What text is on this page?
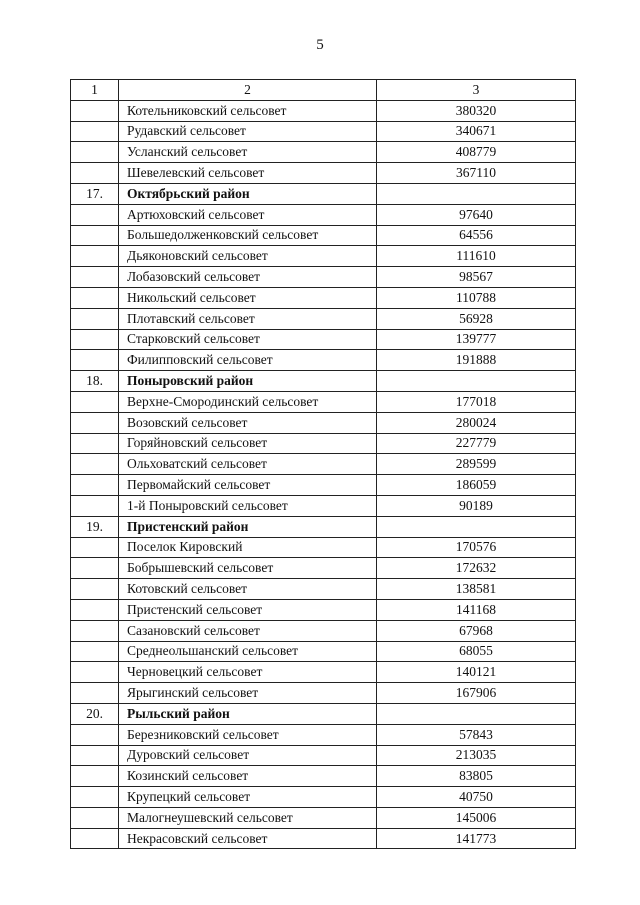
5
1	2	3
	Котельниковский сельсовет	380320
	Рудавский сельсовет	340671
	Усланский сельсовет	408779
	Шевелевский сельсовет	367110
17.	Октябрьский район	
	Артюховский сельсовет	97640
	Большедолженковский сельсовет	64556
	Дьяконовский сельсовет	111610
	Лобазовский сельсовет	98567
	Никольский сельсовет	110788
	Плотавский сельсовет	56928
	Старковский сельсовет	139777
	Филипповский сельсовет	191888
18.	Поныровский район	
	Верхне-Смородинский сельсовет	177018
	Возовский сельсовет	280024
	Горяйновский сельсовет	227779
	Ольховатский сельсовет	289599
	Первомайский сельсовет	186059
	1-й Поныровский сельсовет	90189
19.	Пристенский район	
	Поселок Кировский	170576
	Бобрышевский сельсовет	172632
	Котовский сельсовет	138581
	Пристенский сельсовет	141168
	Сазановский сельсовет	67968
	Среднеольшанский сельсовет	68055
	Черновецкий сельсовет	140121
	Ярыгинский сельсовет	167906
20.	Рыльский район	
	Березниковский сельсовет	57843
	Дуровский сельсовет	213035
	Козинский сельсовет	83805
	Крупецкий сельсовет	40750
	Малогнеушевский сельсовет	145006
	Некрасовский сельсовет	141773
